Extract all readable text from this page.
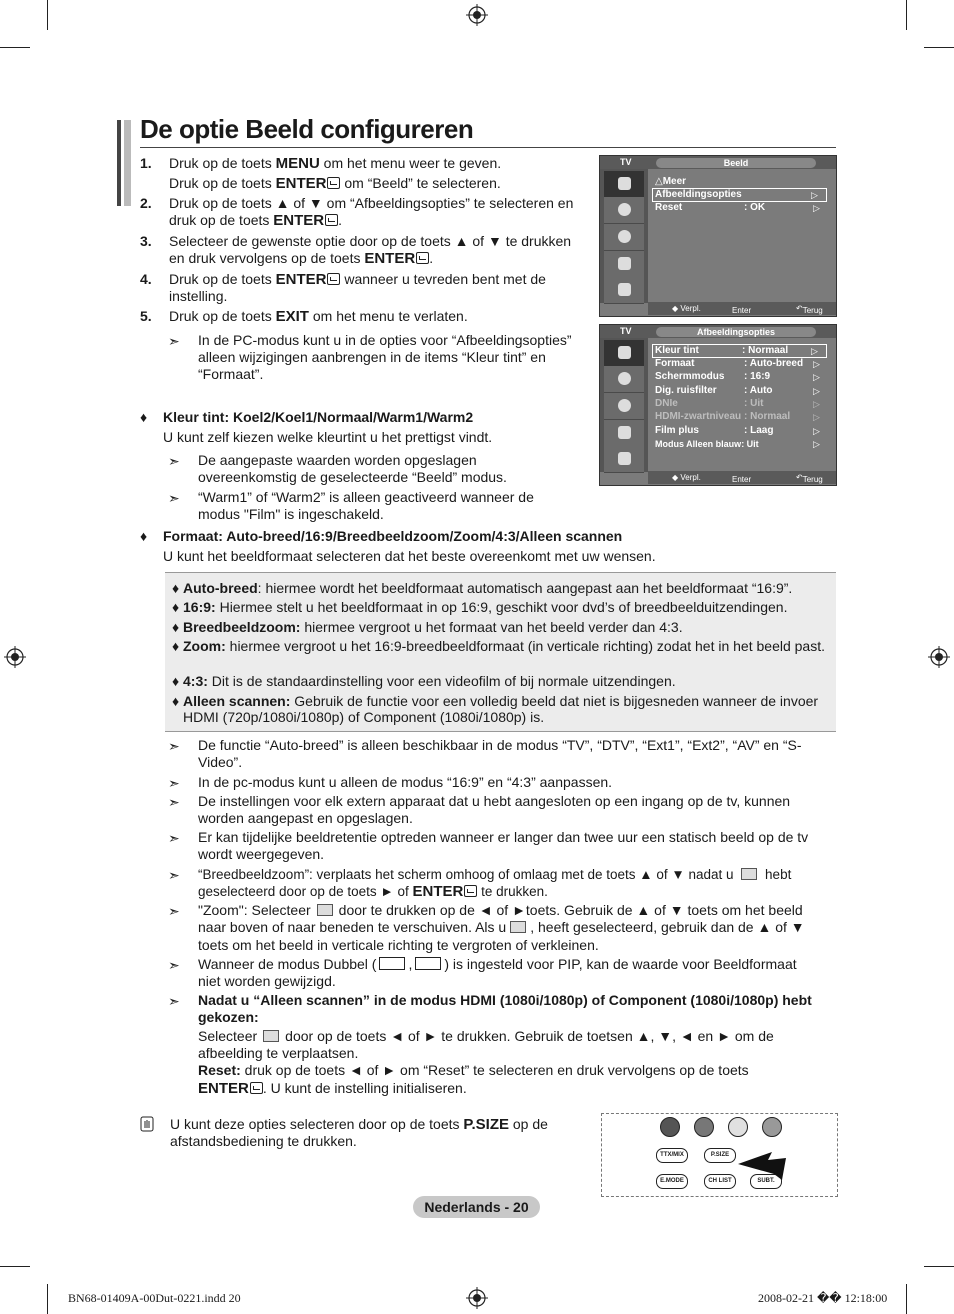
De optie Beeld configureren
1. Druk op de toets MENU om het menu weer te geven.
Druk op de toets ENTER om “Beeld” te selecteren.
2. Druk op de toets ▲ of ▼ om “Afbeeldingsopties” te selecteren en druk op de toets ENTER .
3. Selecteer de gewenste optie door op de toets ▲ of ▼ te drukken en druk vervolgens op de toets ENTER .
4. Druk op de toets ENTER wanneer u tevreden bent met de instelling.
5. Druk op de toets EXIT om het menu te verlaten.
➣ In de PC-modus kunt u in de opties voor “Afbeeldingsopties” alleen wijzigingen aanbrengen in de items “Kleur tint” en “Formaat”.
♦ Kleur tint: Koel2/Koel1/Normaal/Warm1/Warm2
U kunt zelf kiezen welke kleurtint u het prettigst vindt.
➣ De aangepaste waarden worden opgeslagen overeenkomstig de geselecteerde “Beeld” modus.
➣ “Warm1” of “Warm2” is alleen geactiveerd wanneer de modus "Film" is ingeschakeld.
♦ Formaat: Auto-breed/16:9/Breedbeeldzoom/Zoom/4:3/Alleen scannen
U kunt het beeldformaat selecteren dat het beste overeenkomt met uw wensen.
♦ Auto-breed: hiermee wordt het beeldformaat automatisch aangepast aan het beeldformaat “16:9”.
♦ 16:9: Hiermee stelt u het beeldformaat in op 16:9, geschikt voor dvd’s of breedbeelduitzendingen.
♦ Breedbeeldzoom: hiermee vergroot u het formaat van het beeld verder dan 4:3.
♦ Zoom: hiermee vergroot u het 16:9-breedbeeldformaat (in verticale richting) zodat het in het beeld past.
♦ 4:3: Dit is de standaardinstelling voor een videofilm of bij normale uitzendingen.
♦ Alleen scannen: Gebruik de functie voor een volledig beeld dat niet is bijgesneden wanneer de invoer HDMI (720p/1080i/1080p) of Component (1080i/1080p) is.
➣ De functie “Auto-breed” is alleen beschikbaar in de modus “TV”, “DTV”, “Ext1”, “Ext2”, “AV” en “S-Video”.
➣ In de pc-modus kunt u alleen de modus “16:9” en “4:3” aanpassen.
➣ De instellingen voor elk extern apparaat dat u hebt aangesloten op een ingang op de tv, kunnen worden aangepast en opgeslagen.
➣ Er kan tijdelijke beeldretentie optreden wanneer er langer dan twee uur een statisch beeld op de tv wordt weergegeven.
➣ “Breedbeeldzoom”: verplaats het scherm omhoog of omlaag met de toets ▲ of ▼ nadat u hebt
geselecteerd door op de toets ► of ENTER te drukken.
➣ "Zoom": Selecteer door te drukken op de ◄ of ►toets. Gebruik de ▲ of ▼ toets om het beeld
naar boven of naar beneden te verschuiven. Als u , heeft geselecteerd, gebruik dan de ▲ of ▼
toets om het beeld in verticale richting te vergroten of verkleinen.
➣ Wanneer de modus Dubbel ( , ) is ingesteld voor PIP, kan de waarde voor Beeldformaat
niet worden gewijzigd.
➣ Nadat u “Alleen scannen” in de modus HDMI (1080i/1080p) of Component (1080i/1080p) hebt gekozen:
Selecteer door op de toets ◄ of ► te drukken. Gebruik de toetsen ▲, ▼, ◄ en ► om de
afbeelding te verplaatsen.
Reset: druk op de toets ◄ of ► om “Reset” te selecteren en druk vervolgens op de toets
ENTER . U kunt de instelling initialiseren.
U kunt deze opties selecteren door op de toets P.SIZE op de afstandsbediening te drukken.
TV	Beeld
△Meer
Afbeeldingsopties	▷
Reset	: OK	▷
◆ Verpl.	Enter	↶ Terug
TV	Afbeeldingsopties
Kleur tint	: Normaal	▷
Formaat	: Auto-breed ▷
Schermmodus : 16:9	▷
Dig. ruisfilter	: Auto	▷
DNIe	: Uit	▷
HDMI-zwartniveau : Normaal	▷
Film plus	: Laag	▷
Modus Alleen blauw: Uit	▷
◆ Verpl.	Enter	↶ Terug
TTX/MIX	P.SIZE
E.MODE	CH LIST	SUBT.
Nederlands - 20
BN68-01409A-00Dut-0221.indd 20	2008-02-21 �� 12:18:00
